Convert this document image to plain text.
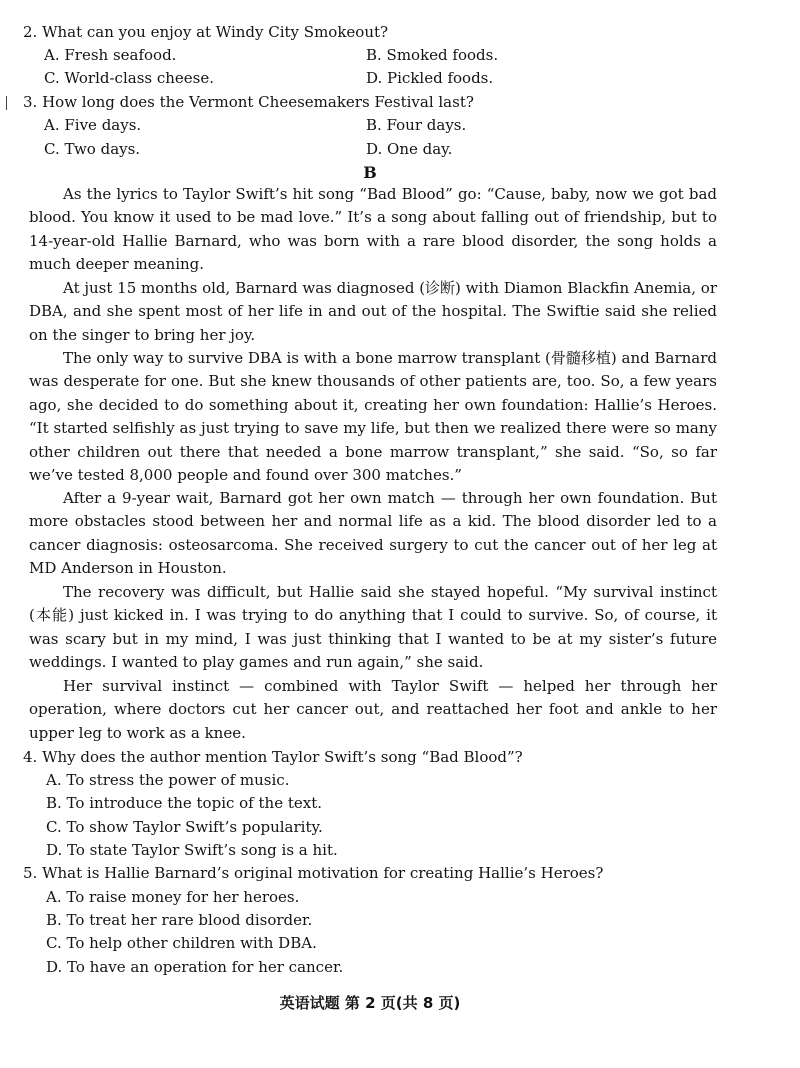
2. What can you enjoy at Windy City Smokeout?
A. Fresh seafood.	B. Smoked foods.
C. World-class cheese.	D. Pickled foods.
3. How long does the Vermont Cheesemakers Festival last?
A. Five days.	B. Four days.
C. Two days.	D. One day.
B

As the lyrics to Taylor Swift’s hit song “Bad Blood” go: “Cause, baby, now we got bad blood. You know it used to be mad love.” It’s a song about falling out of friendship, but to 14-year-old Hallie Barnard, who was born with a rare blood disorder, the song holds a much deeper meaning.

At just 15 months old, Barnard was diagnosed (诊断) with Diamon Blackfin Anemia, or DBA, and she spent most of her life in and out of the hospital. The Swiftie said she relied on the singer to bring her joy.

The only way to survive DBA is with a bone marrow transplant (骨髓移植) and Barnard was desperate for one. But she knew thousands of other patients are, too. So, a few years ago, she decided to do something about it, creating her own foundation: Hallie’s Heroes. “It started selfishly as just trying to save my life, but then we realized there were so many other children out there that needed a bone marrow transplant,” she said. “So, so far we’ve tested 8,000 people and found over 300 matches.”

After a 9-year wait, Barnard got her own match — through her own foundation. But more obstacles stood between her and normal life as a kid. The blood disorder led to a cancer diagnosis: osteosarcoma. She received surgery to cut the cancer out of her leg at MD Anderson in Houston.

The recovery was difficult, but Hallie said she stayed hopeful. “My survival instinct (本能) just kicked in. I was trying to do anything that I could to survive. So, of course, it was scary but in my mind, I was just thinking that I wanted to be at my sister’s future weddings. I wanted to play games and run again,” she said.

Her survival instinct — combined with Taylor Swift — helped her through her operation, where doctors cut her cancer out, and reattached her foot and ankle to her upper leg to work as a knee.

4. Why does the author mention Taylor Swift’s song “Bad Blood”?
A. To stress the power of music.
B. To introduce the topic of the text.
C. To show Taylor Swift’s popularity.
D. To state Taylor Swift’s song is a hit.
5. What is Hallie Barnard’s original motivation for creating Hallie’s Heroes?
A. To raise money for her heroes.
B. To treat her rare blood disorder.
C. To help other children with DBA.
D. To have an operation for her cancer.
英语试题 第 2 页(共 8 页)
